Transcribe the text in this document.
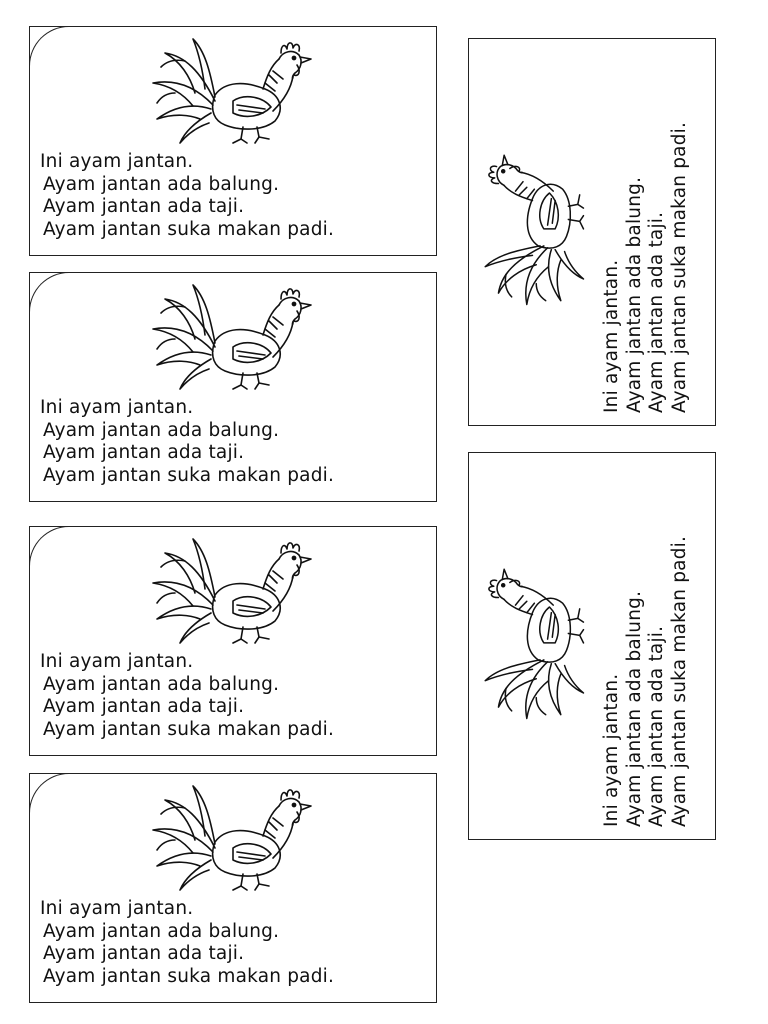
Ini ayam jantan.
Ayam jantan ada balung.
Ayam jantan ada taji.
Ayam jantan suka makan padi.
Ini ayam jantan.
Ayam jantan ada balung.
Ayam jantan ada taji.
Ayam jantan suka makan padi.
Ini ayam jantan.
Ayam jantan ada balung.
Ayam jantan ada taji.
Ayam jantan suka makan padi.
Ini ayam jantan.
Ayam jantan ada balung.
Ayam jantan ada taji.
Ayam jantan suka makan padi.
Ini ayam jantan. Ayam jantan ada balung. Ayam jantan ada taji. Ayam jantan suka makan padi.
Ini ayam jantan. Ayam jantan ada balung. Ayam jantan ada taji. Ayam jantan suka makan padi.
